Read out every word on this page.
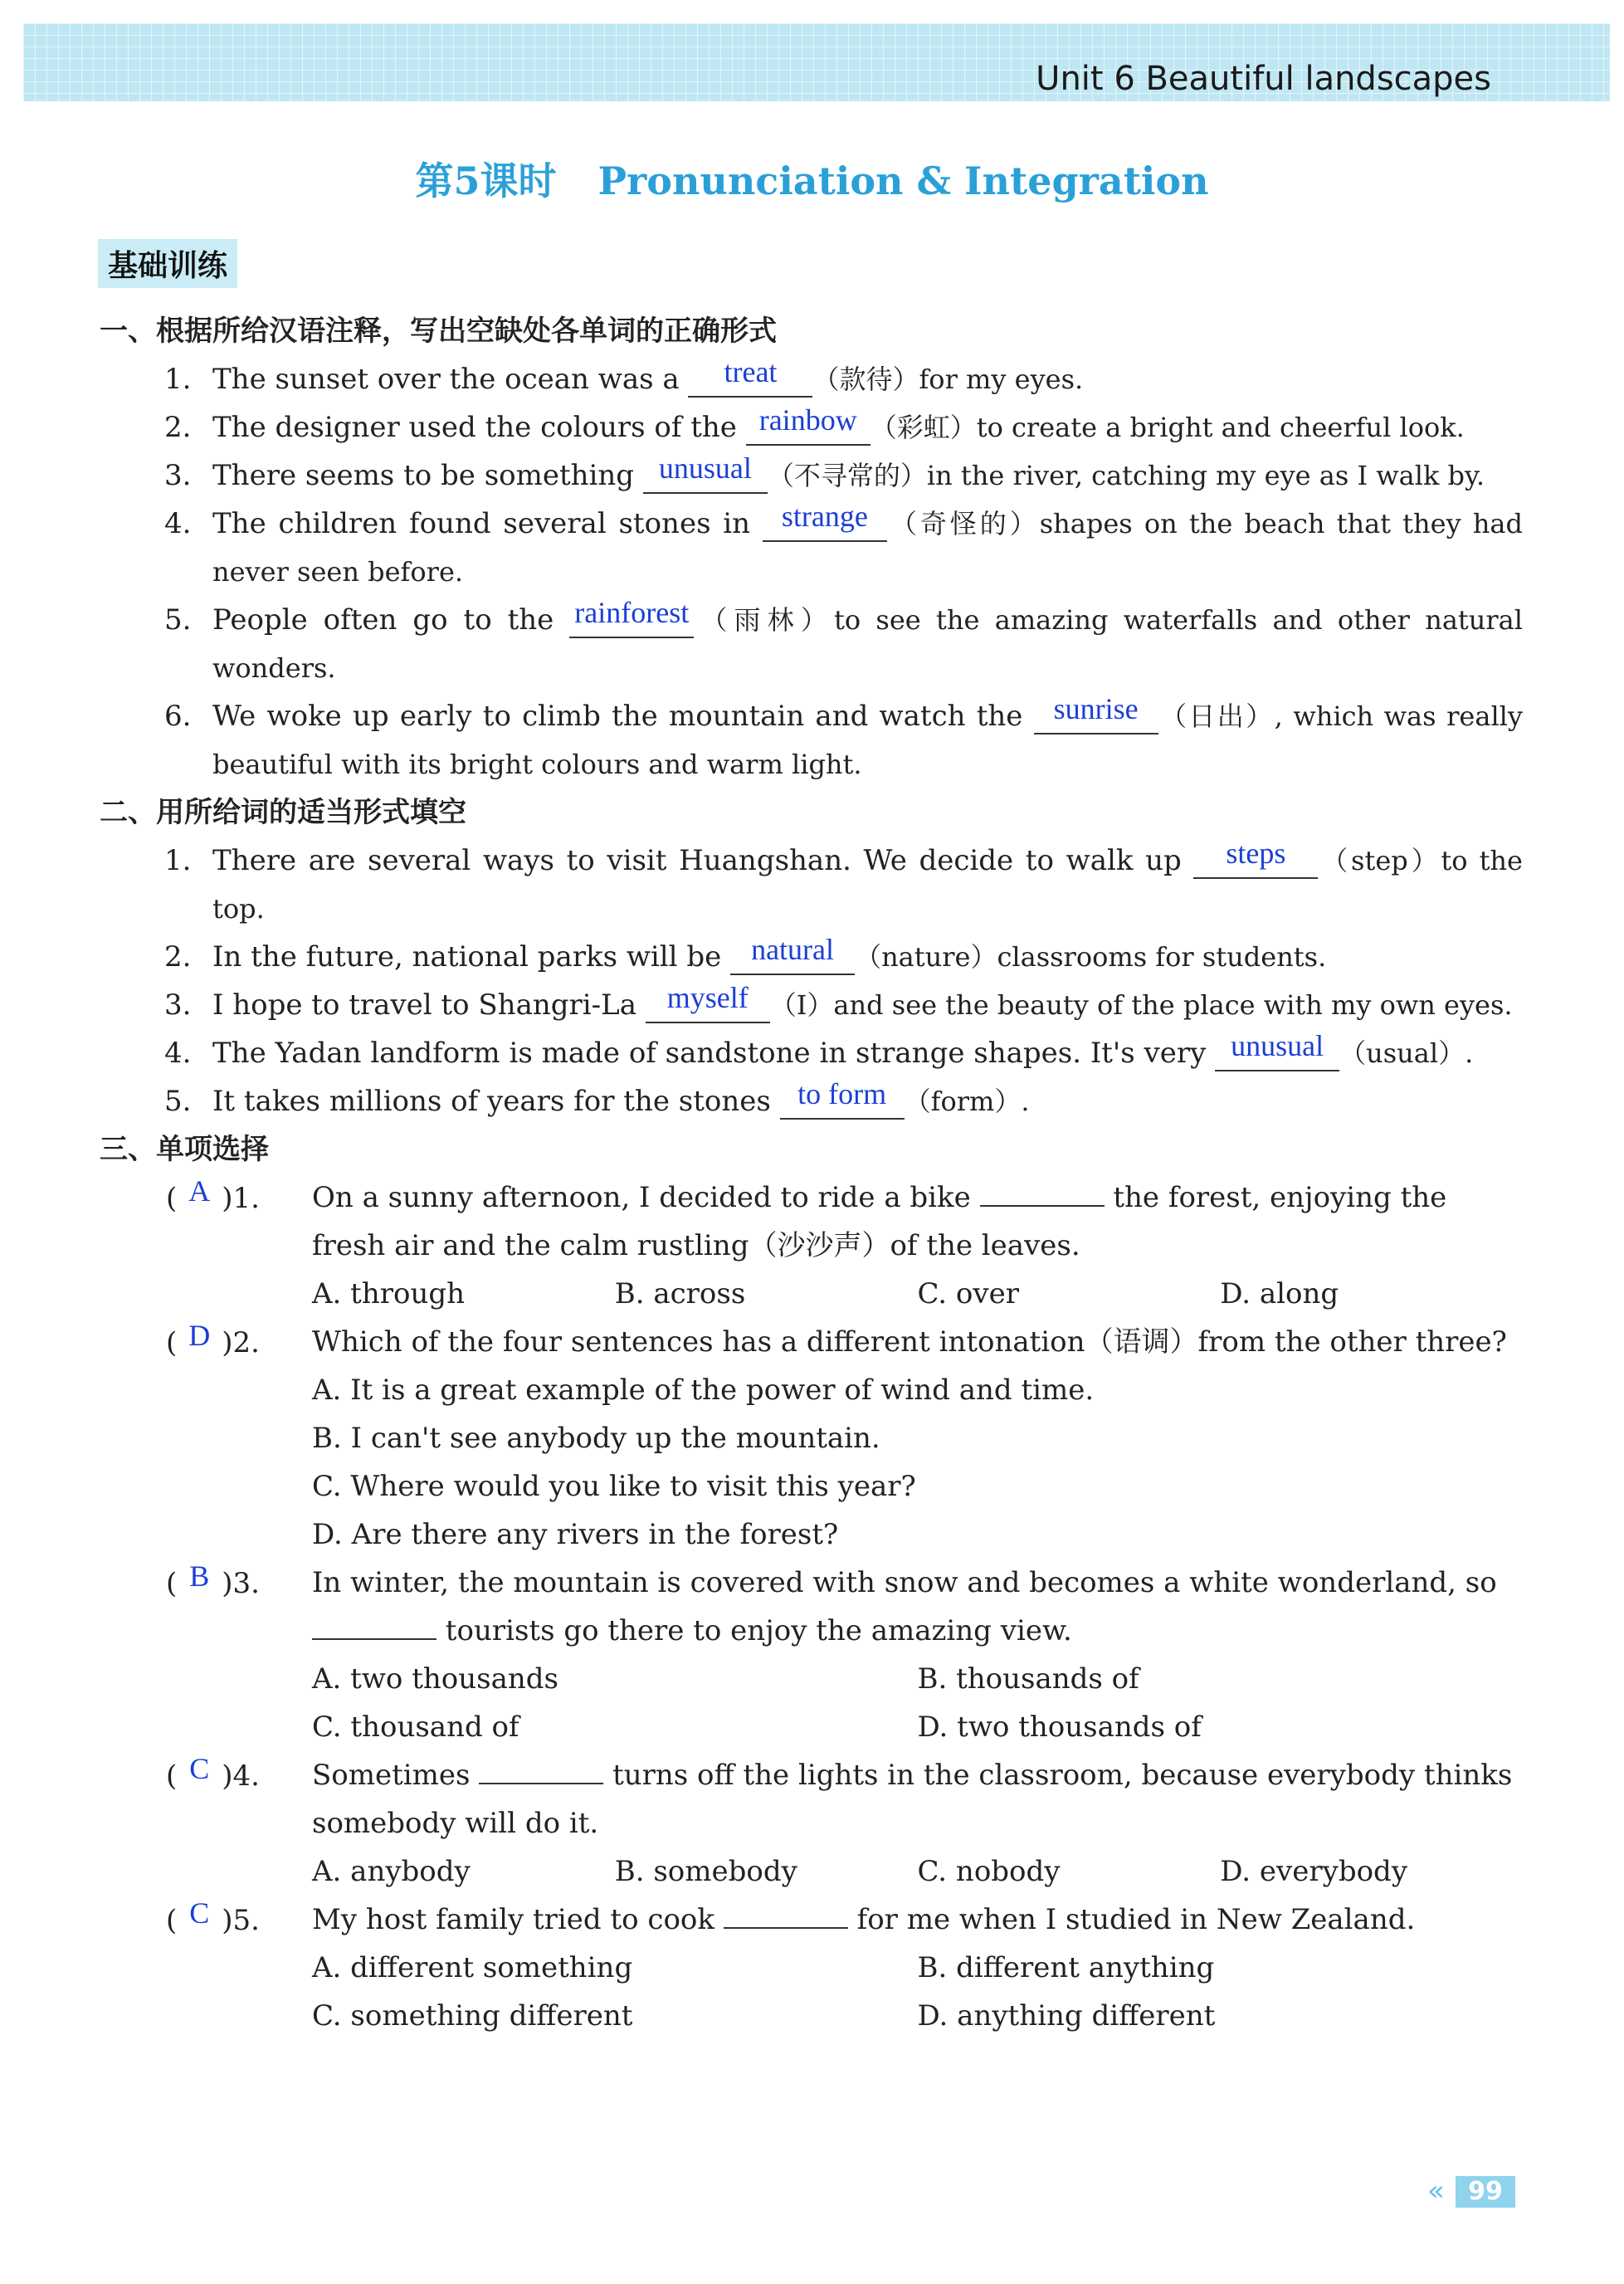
Unit 6 Beautiful landscapes
第5课时 Pronunciation & Integration
基础训练
一、根据所给汉语注释，写出空缺处各单词的正确形式
1. The sunset over the ocean was a treat （款待）for my eyes.
2. The designer used the colours of the rainbow （彩虹）to create a bright and cheerful look.
3. There seems to be something unusual （不寻常的）in the river, catching my eye as I walk by.
4. The children found several stones in strange （奇怪的）shapes on the beach that they had never seen before.
5. People often go to the rainforest （雨林）to see the amazing waterfalls and other natural wonders.
6. We woke up early to climb the mountain and watch the sunrise （日出）, which was really beautiful with its bright colours and warm light.
二、用所给词的适当形式填空
1. There are several ways to visit Huangshan. We decide to walk up steps （step）to the top.
2. In the future, national parks will be natural （nature）classrooms for students.
3. I hope to travel to Shangri-La myself （I）and see the beauty of the place with my own eyes.
4. The Yadan landform is made of sandstone in strange shapes. It's very unusual （usual）.
5. It takes millions of years for the stones to form （form）.
三、单项选择
( A )1. On a sunny afternoon, I decided to ride a bike	the forest, enjoying the fresh air and the calm rustling（沙沙声）of the leaves.
A. through	B. across	C. over	D. along
( D )2. Which of the four sentences has a different intonation（语调）from the other three?
A. It is a great example of the power of wind and time.
B. I can't see anybody up the mountain.
C. Where would you like to visit this year?
D. Are there any rivers in the forest?
( B )3. In winter, the mountain is covered with snow and becomes a white wonderland, so  tourists go there to enjoy the amazing view.
A. two thousands	B. thousands of
C. thousand of	D. two thousands of
( C )4. Sometimes	turns off the lights in the classroom, because everybody thinks somebody will do it.
A. anybody	B. somebody	C. nobody	D. everybody
( C )5. My host family tried to cook	for me when I studied in New Zealand.
A. different something	B. different anything
C. something different	D. anything different
«	99
